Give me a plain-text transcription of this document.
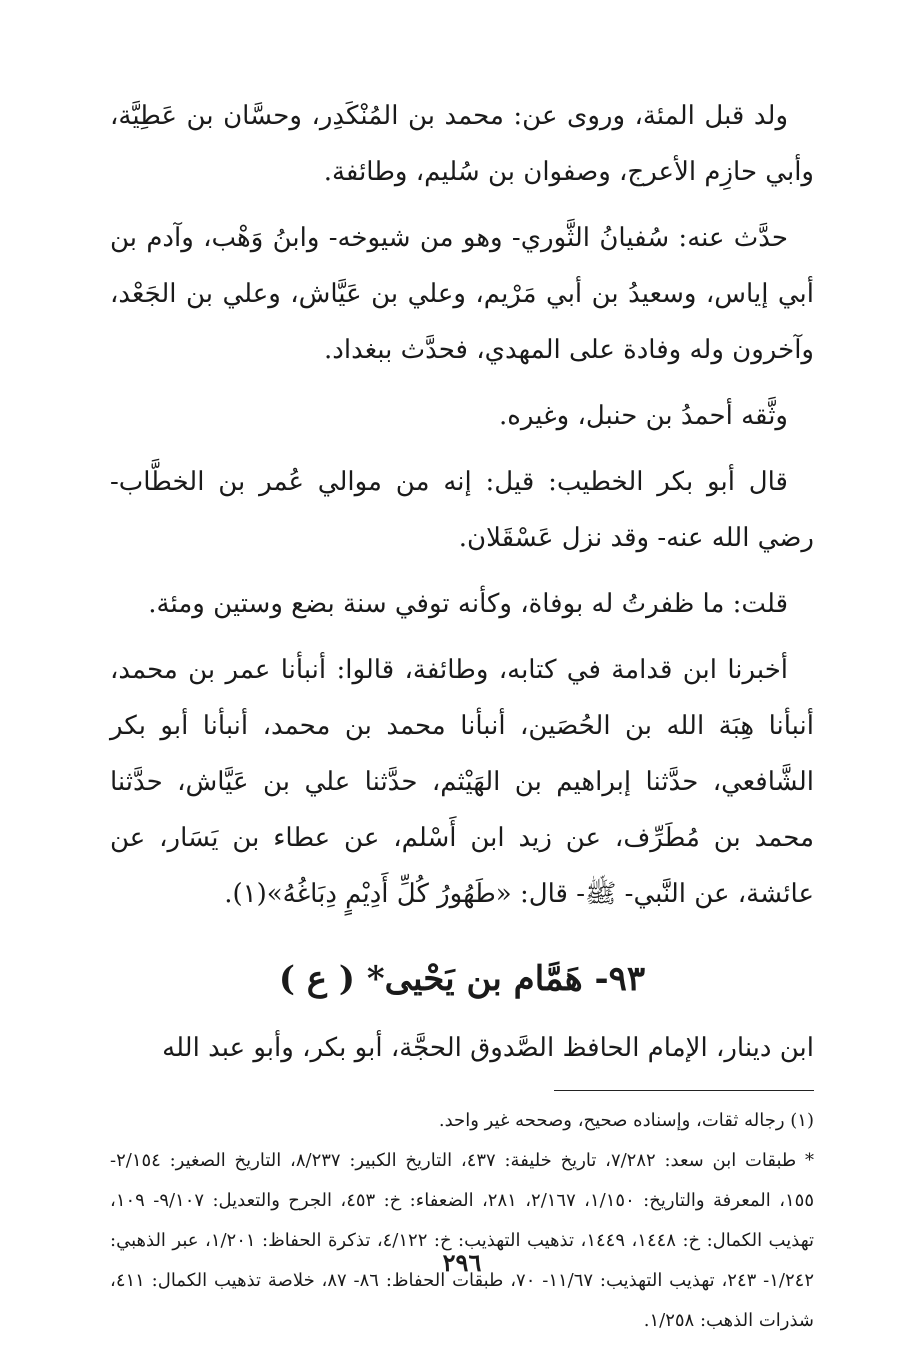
ولد قبل المئة، وروى عن: محمد بن المُنْكَدِر، وحسَّان بن عَطِيَّة، وأبي حازِم الأعرج، وصفوان بن سُليم، وطائفة.

حدَّث عنه: سُفيانُ الثَّوري- وهو من شيوخه- وابنُ وَهْب، وآدم بن أبي إياس، وسعيدُ بن أبي مَرْيم، وعلي بن عَيَّاش، وعلي بن الجَعْد، وآخرون وله وفادة على المهدي، فحدَّث ببغداد.

وثَّقه أحمدُ بن حنبل، وغيره.

قال أبو بكر الخطيب: قيل: إنه من موالي عُمر بن الخطَّاب- رضي الله عنه- وقد نزل عَسْقَلان.

قلت: ما ظفرتُ له بوفاة، وكأنه توفي سنة بضع وستين ومئة.

أخبرنا ابن قدامة في كتابه، وطائفة، قالوا: أنبأنا عمر بن محمد، أنبأنا هِبَة الله بن الحُصَين، أنبأنا محمد بن محمد، أنبأنا أبو بكر الشَّافعي، حدَّثنا إبراهيم بن الهَيْثم، حدَّثنا علي بن عَيَّاش، حدَّثنا محمد بن مُطَرِّف، عن زيد ابن أَسْلم، عن عطاء بن يَسَار، عن عائشة، عن النَّبي- ﷺ- قال: «طَهُورُ كُلِّ أَدِيْمٍ دِبَاغُهُ»(١).

٩٣- هَمَّام بن يَحْيى* ( ع )

ابن دينار، الإمام الحافظ الصَّدوق الحجَّة، أبو بكر، وأبو عبد الله

(١) رجاله ثقات، وإسناده صحيح، وصححه غير واحد.

* طبقات ابن سعد: ٧/٢٨٢، تاريخ خليفة: ٤٣٧، التاريخ الكبير: ٨/٢٣٧، التاريخ الصغير: ٢/١٥٤- ١٥٥، المعرفة والتاريخ: ١/١٥٠، ٢/١٦٧، ٢٨١، الضعفاء: خ: ٤٥٣، الجرح والتعديل: ٩/١٠٧- ١٠٩، تهذيب الكمال: خ: ١٤٤٨، ١٤٤٩، تذهيب التهذيب: خ: ٤/١٢٢، تذكرة الحفاظ: ١/٢٠١، عبر الذهبي: ١/٢٤٢- ٢٤٣، تهذيب التهذيب: ١١/٦٧- ٧٠، طبقات الحفاظ: ٨٦- ٨٧، خلاصة تذهيب الكمال: ٤١١، شذرات الذهب: ١/٢٥٨.

٢٩٦
